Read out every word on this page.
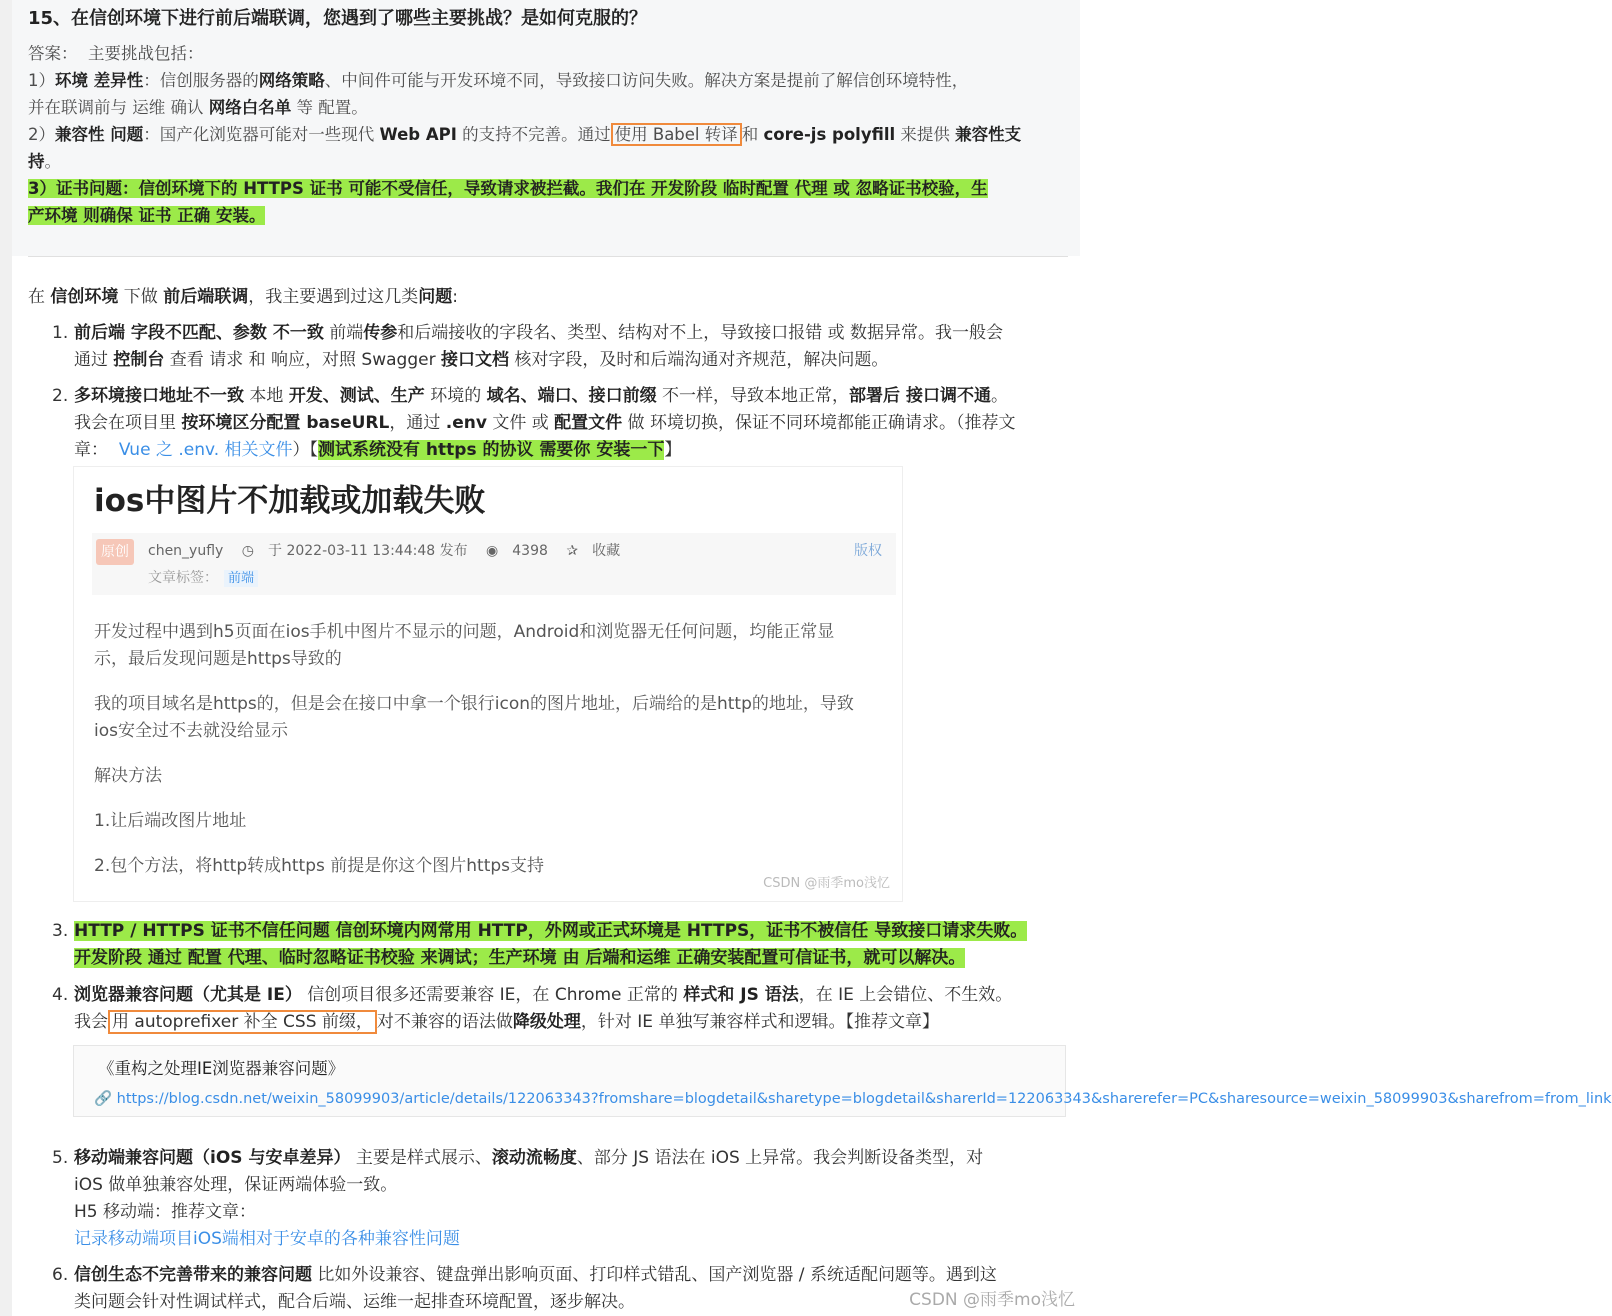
15、在信创环境下进行前后端联调，您遇到了哪些主要挑战？是如何克服的？
答案： 主要挑战包括：
1）环境 差异性：信创服务器的网络策略、中间件可能与开发环境不同，导致接口访问失败。解决方案是提前了解信创环境特性，
并在联调前与 运维 确认 网络白名单 等 配置。
2）兼容性 问题：国产化浏览器可能对一些现代 Web API 的支持不完善。通过 使用 Babel 转译 和 core-js polyfill 来提供 兼容性支
持。
3）证书问题：信创环境下的 HTTPS 证书 可能不受信任，导致请求被拦截。我们在 开发阶段 临时配置 代理 或 忽略证书校验，生
产环境 则确保 证书 正确 安装。
在 信创环境 下做 前后端联调，我主要遇到过这几类问题:
1. 前后端 字段不匹配、参数 不一致 前端传参和后端接收的字段名、类型、结构对不上，导致接口报错 或 数据异常。我一般会
通过 控制台 查看 请求 和 响应，对照 Swagger 接口文档 核对字段，及时和后端沟通对齐规范，解决问题。
2. 多环境接口地址不一致 本地 开发、测试、生产 环境的 域名、端口、接口前缀 不一样，导致本地正常，部署后 接口调不通。
我会在项目里 按环境区分配置 baseURL，通过 .env 文件 或 配置文件 做 环境切换，保证不同环境都能正确请求。（推荐文
章： Vue 之 .env. 相关文件）【测试系统没有 https 的协议 需要你 安装一下】
ios中图片不加载或加载失败
原创	chen_yufly ◷ 于 2022-03-11 13:44:48 发布 ◉ 4398 ✰ 收藏	版权
文章标签： 前端
开发过程中遇到h5页面在ios手机中图片不显示的问题，Android和浏览器无任何问题，均能正常显
示，最后发现问题是https导致的
我的项目域名是https的，但是会在接口中拿一个银行icon的图片地址，后端给的是http的地址，导致
ios安全过不去就没给显示
解决方法
1.让后端改图片地址
2.包个方法，将http转成https 前提是你这个图片https支持
CSDN @雨季mo浅忆
3. HTTP / HTTPS 证书不信任问题 信创环境内网常用 HTTP，外网或正式环境是 HTTPS，证书不被信任 导致接口请求失败。
开发阶段 通过 配置 代理、临时忽略证书校验 来调试；生产环境 由 后端和运维 正确安装配置可信证书，就可以解决。
4. 浏览器兼容问题（尤其是 IE） 信创项目很多还需要兼容 IE，在 Chrome 正常的 样式和 JS 语法，在 IE 上会错位、不生效。
我会 用 autoprefixer 补全 CSS 前缀， 对不兼容的语法做降级处理，针对 IE 单独写兼容样式和逻辑。【推荐文章】
《重构之处理IE浏览器兼容问题》
🔗 https://blog.csdn.net/weixin_58099903/article/details/122063343?fromshare=blogdetail&sharetype=blogdetail&sharerId=122063343&sharerefer=PC&sharesource=weixin_58099903&sharefrom=from_link
5. 移动端兼容问题（iOS 与安卓差异） 主要是样式展示、滚动流畅度、部分 JS 语法在 iOS 上异常。我会判断设备类型，对
iOS 做单独兼容处理，保证两端体验一致。
H5 移动端：推荐文章：
记录移动端项目iOS端相对于安卓的各种兼容性问题
6. 信创生态不完善带来的兼容问题 比如外设兼容、键盘弹出影响页面、打印样式错乱、国产浏览器 / 系统适配问题等。遇到这
类问题会针对性调试样式，配合后端、运维一起排查环境配置，逐步解决。	CSDN @雨季mo浅忆
